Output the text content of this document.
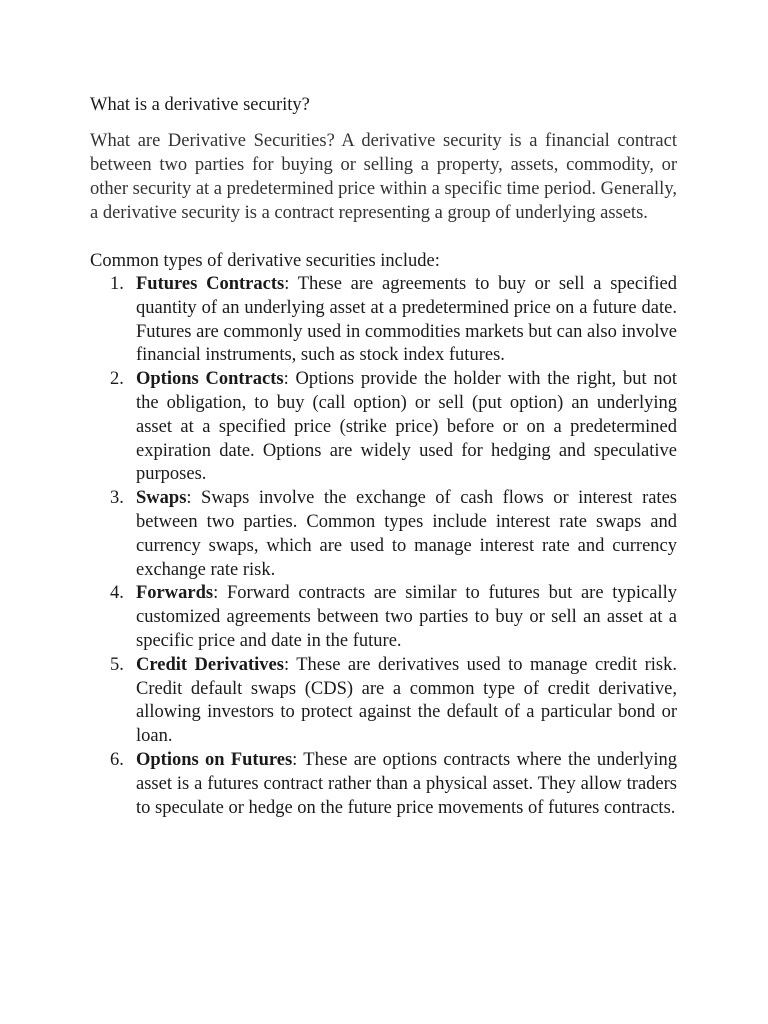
What is a derivative security?

What are Derivative Securities? A derivative security is a financial contract between two parties for buying or selling a property, assets, commodity, or other security at a predetermined price within a specific time period. Generally, a derivative security is a contract representing a group of underlying assets.

Common types of derivative securities include:

1. Futures Contracts: These are agreements to buy or sell a specified quantity of an underlying asset at a predetermined price on a future date. Futures are commonly used in commodities markets but can also involve financial instruments, such as stock index futures.
2. Options Contracts: Options provide the holder with the right, but not the obligation, to buy (call option) or sell (put option) an underlying asset at a specified price (strike price) before or on a predetermined expiration date. Options are widely used for hedging and speculative purposes.
3. Swaps: Swaps involve the exchange of cash flows or interest rates between two parties. Common types include interest rate swaps and currency swaps, which are used to manage interest rate and currency exchange rate risk.
4. Forwards: Forward contracts are similar to futures but are typically customized agreements between two parties to buy or sell an asset at a specific price and date in the future.
5. Credit Derivatives: These are derivatives used to manage credit risk. Credit default swaps (CDS) are a common type of credit derivative, allowing investors to protect against the default of a particular bond or loan.
6. Options on Futures: These are options contracts where the underlying asset is a futures contract rather than a physical asset. They allow traders to speculate or hedge on the future price movements of futures contracts.
